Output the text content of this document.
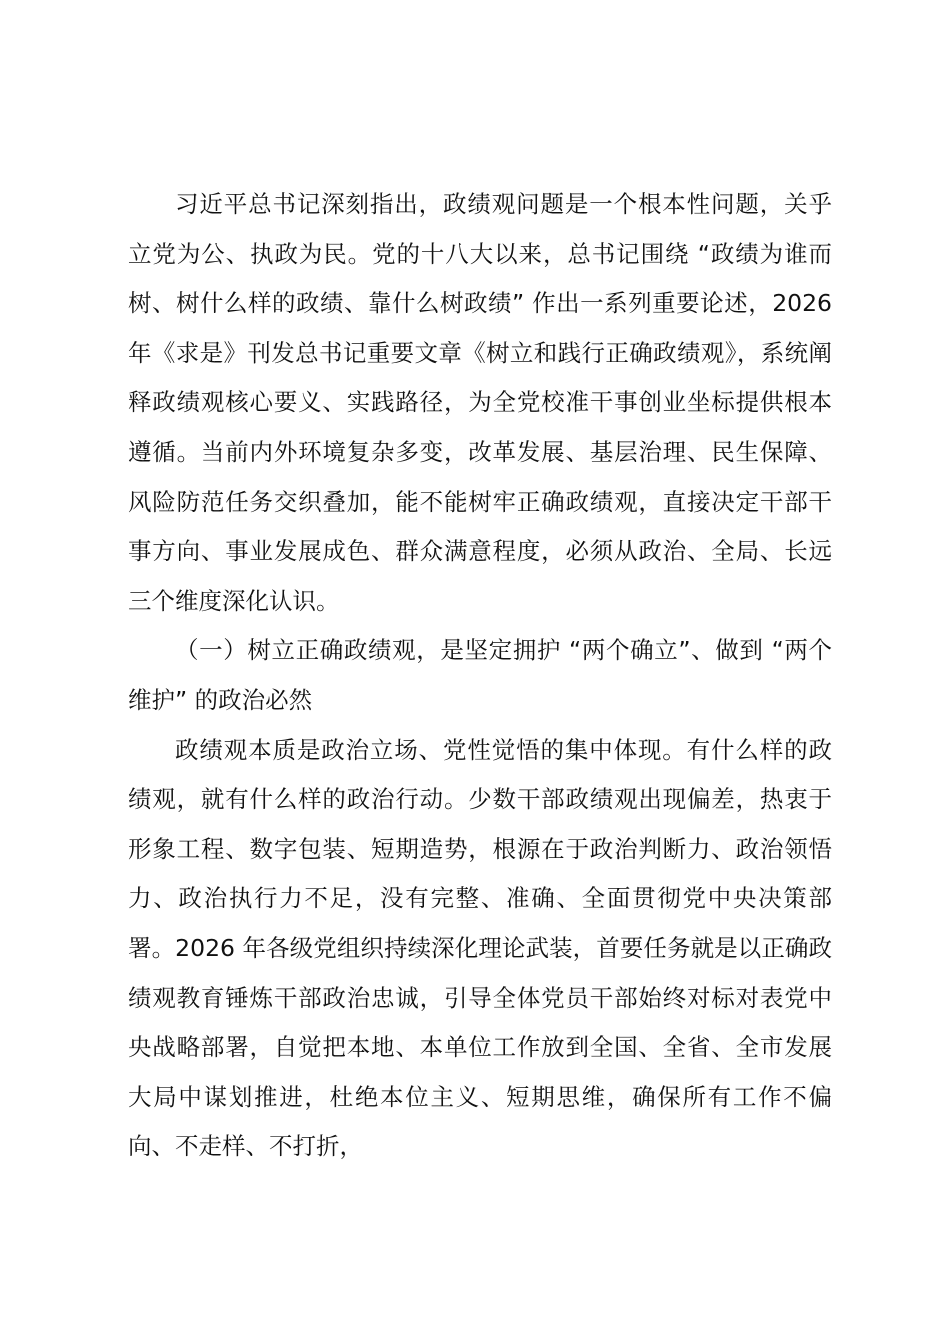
习近平总书记深刻指出，政绩观问题是一个根本性问题，关乎立党为公、执政为民。党的十八大以来，总书记围绕 “政绩为谁而树、树什么样的政绩、靠什么树政绩” 作出一系列重要论述，2026 年《求是》刊发总书记重要文章《树立和践行正确政绩观》，系统阐释政绩观核心要义、实践路径，为全党校准干事创业坐标提供根本遵循。当前内外环境复杂多变，改革发展、基层治理、民生保障、风险防范任务交织叠加，能不能树牢正确政绩观，直接决定干部干事方向、事业发展成色、群众满意程度，必须从政治、全局、长远三个维度深化认识。

（一）树立正确政绩观，是坚定拥护 “两个确立”、做到 “两个维护” 的政治必然

政绩观本质是政治立场、党性觉悟的集中体现。有什么样的政绩观，就有什么样的政治行动。少数干部政绩观出现偏差，热衷于形象工程、数字包装、短期造势，根源在于政治判断力、政治领悟力、政治执行力不足，没有完整、准确、全面贯彻党中央决策部署。2026 年各级党组织持续深化理论武装，首要任务就是以正确政绩观教育锤炼干部政治忠诚，引导全体党员干部始终对标对表党中央战略部署，自觉把本地、本单位工作放到全国、全省、全市发展大局中谋划推进，杜绝本位主义、短期思维，确保所有工作不偏向、不走样、不打折，
